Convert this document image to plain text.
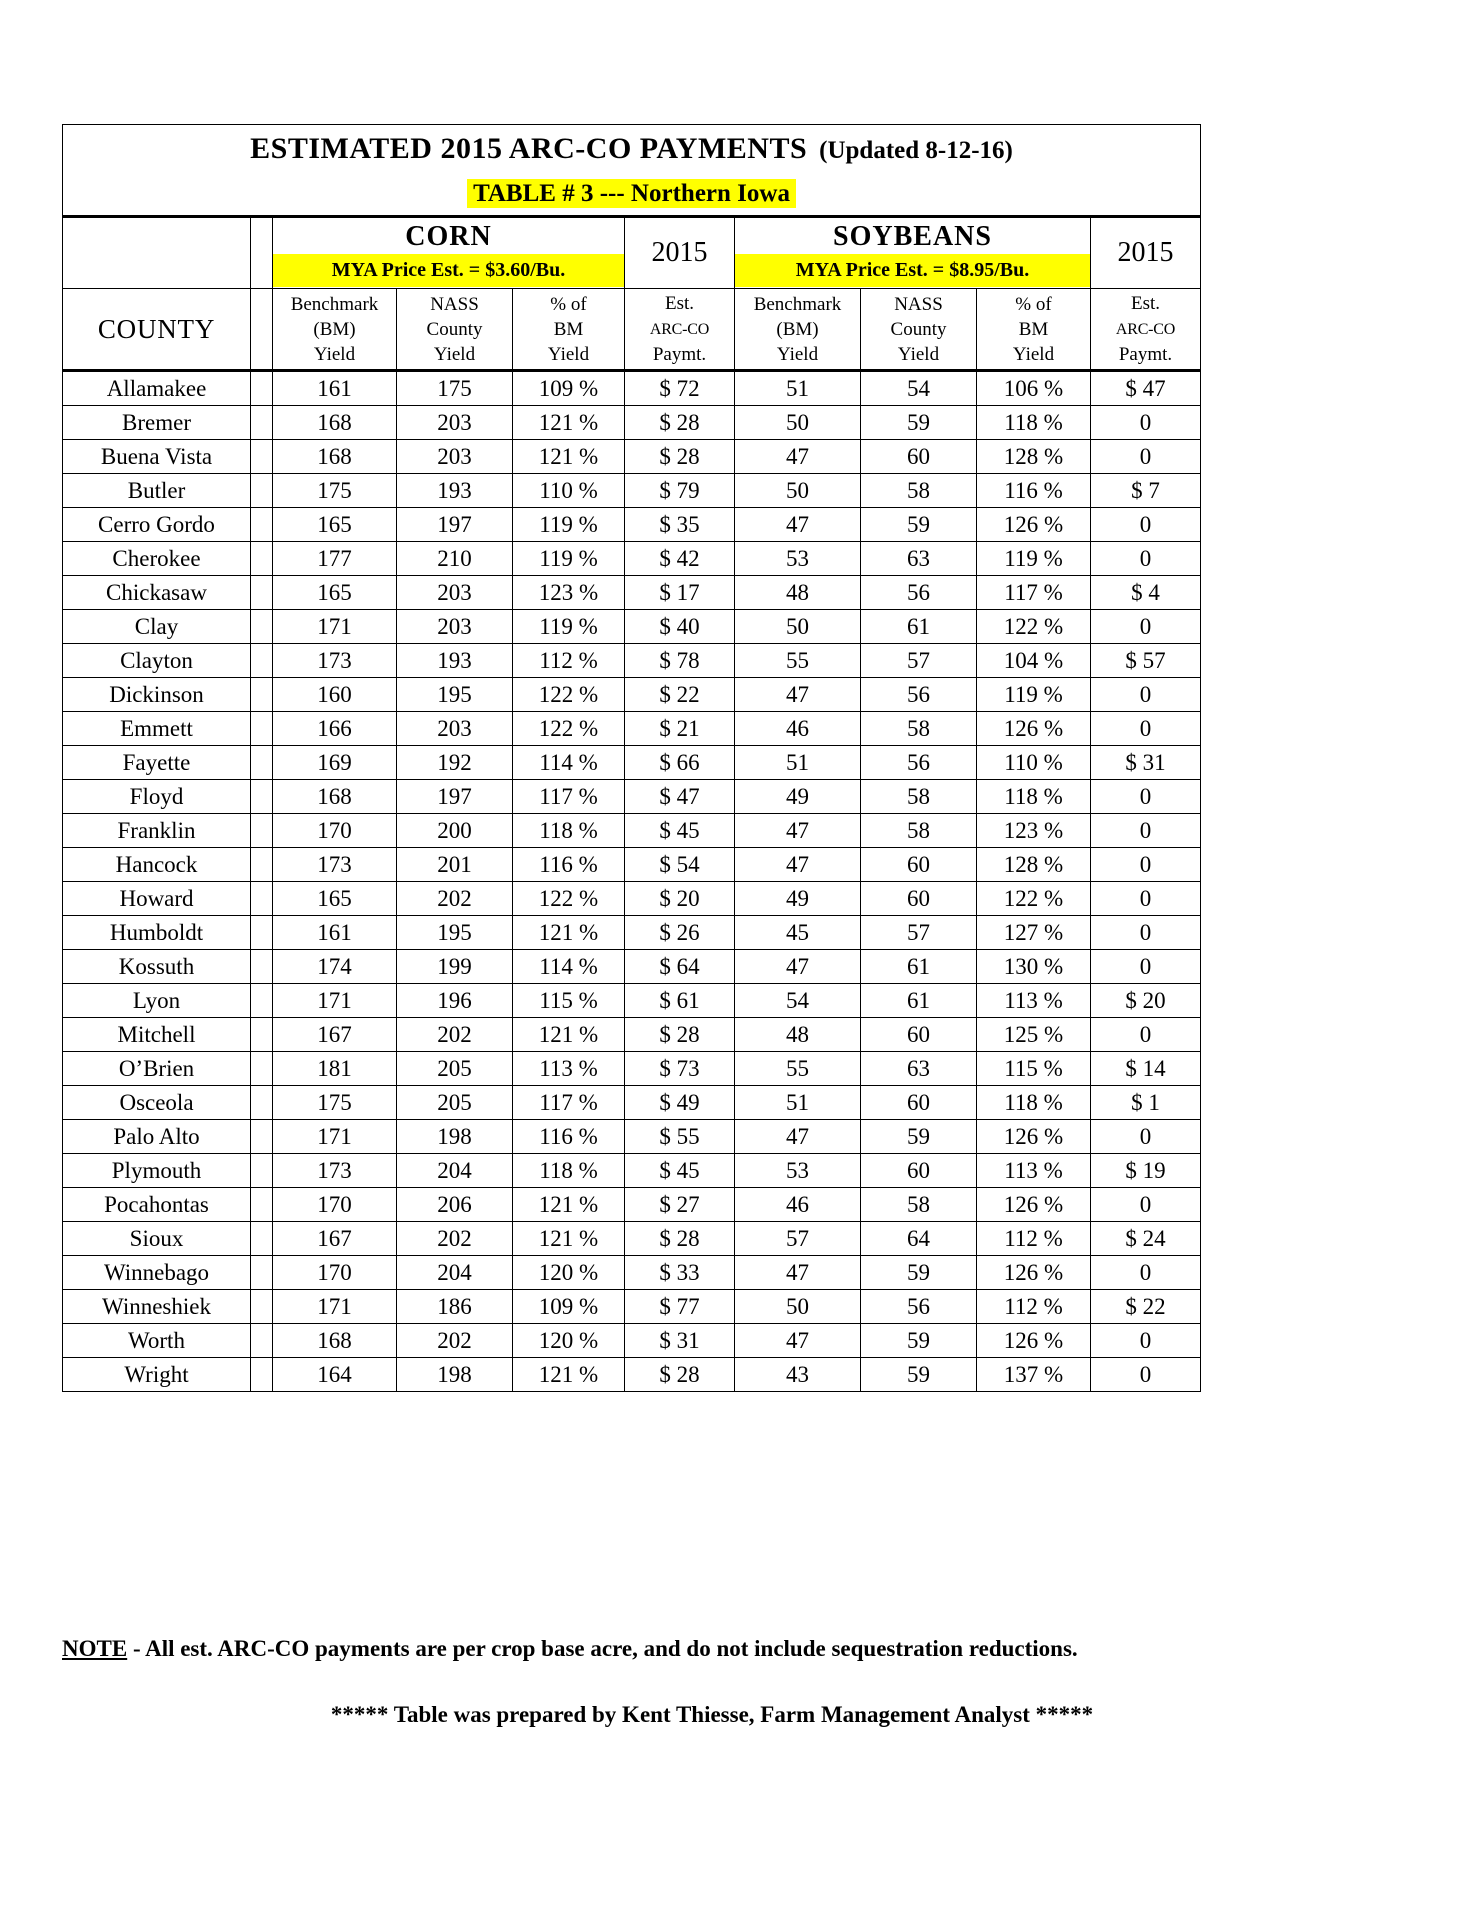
ESTIMATED 2015 ARC-CO PAYMENTS (Updated 8-12-16)									
TABLE # 3 --- Northern Iowa									

		CORN
MYA Price Est. = $3.60/Bu.			2015	SOYBEANS
MYA Price Est. = $8.95/Bu.			2015
COUNTY		Benchmark
(BM)
Yield	NASS
County
Yield	% of
BM
Yield	Est.
ARC-CO
Paymt.	Benchmark
(BM)
Yield	NASS
County
Yield	% of
BM
Yield	Est.
ARC-CO
Paymt.
Allamakee		161	175	109 %	$ 72	51	54	106 %	$ 47
Bremer		168	203	121 %	$ 28	50	59	118 %	0
Buena Vista		168	203	121 %	$ 28	47	60	128 %	0
Butler		175	193	110 %	$ 79	50	58	116 %	$ 7
Cerro Gordo		165	197	119 %	$ 35	47	59	126 %	0
Cherokee		177	210	119 %	$ 42	53	63	119 %	0
Chickasaw		165	203	123 %	$ 17	48	56	117 %	$ 4
Clay		171	203	119 %	$ 40	50	61	122 %	0
Clayton		173	193	112 %	$ 78	55	57	104 %	$ 57
Dickinson		160	195	122 %	$ 22	47	56	119 %	0
Emmett		166	203	122 %	$ 21	46	58	126 %	0
Fayette		169	192	114 %	$ 66	51	56	110 %	$ 31
Floyd		168	197	117 %	$ 47	49	58	118 %	0
Franklin		170	200	118 %	$ 45	47	58	123 %	0
Hancock		173	201	116 %	$ 54	47	60	128 %	0
Howard		165	202	122 %	$ 20	49	60	122 %	0
Humboldt		161	195	121 %	$ 26	45	57	127 %	0
Kossuth		174	199	114 %	$ 64	47	61	130 %	0
Lyon		171	196	115 %	$ 61	54	61	113 %	$ 20
Mitchell		167	202	121 %	$ 28	48	60	125 %	0
O’Brien		181	205	113 %	$ 73	55	63	115 %	$ 14
Osceola		175	205	117 %	$ 49	51	60	118 %	$ 1
Palo Alto		171	198	116 %	$ 55	47	59	126 %	0
Plymouth		173	204	118 %	$ 45	53	60	113 %	$ 19
Pocahontas		170	206	121 %	$ 27	46	58	126 %	0
Sioux		167	202	121 %	$ 28	57	64	112 %	$ 24
Winnebago		170	204	120 %	$ 33	47	59	126 %	0
Winneshiek		171	186	109 %	$ 77	50	56	112 %	$ 22
Worth		168	202	120 %	$ 31	47	59	126 %	0
Wright		164	198	121 %	$ 28	43	59	137 %	0
NOTE - All est. ARC-CO payments are per crop base acre, and do not include sequestration reductions.
***** Table was prepared by Kent Thiesse, Farm Management Analyst *****
